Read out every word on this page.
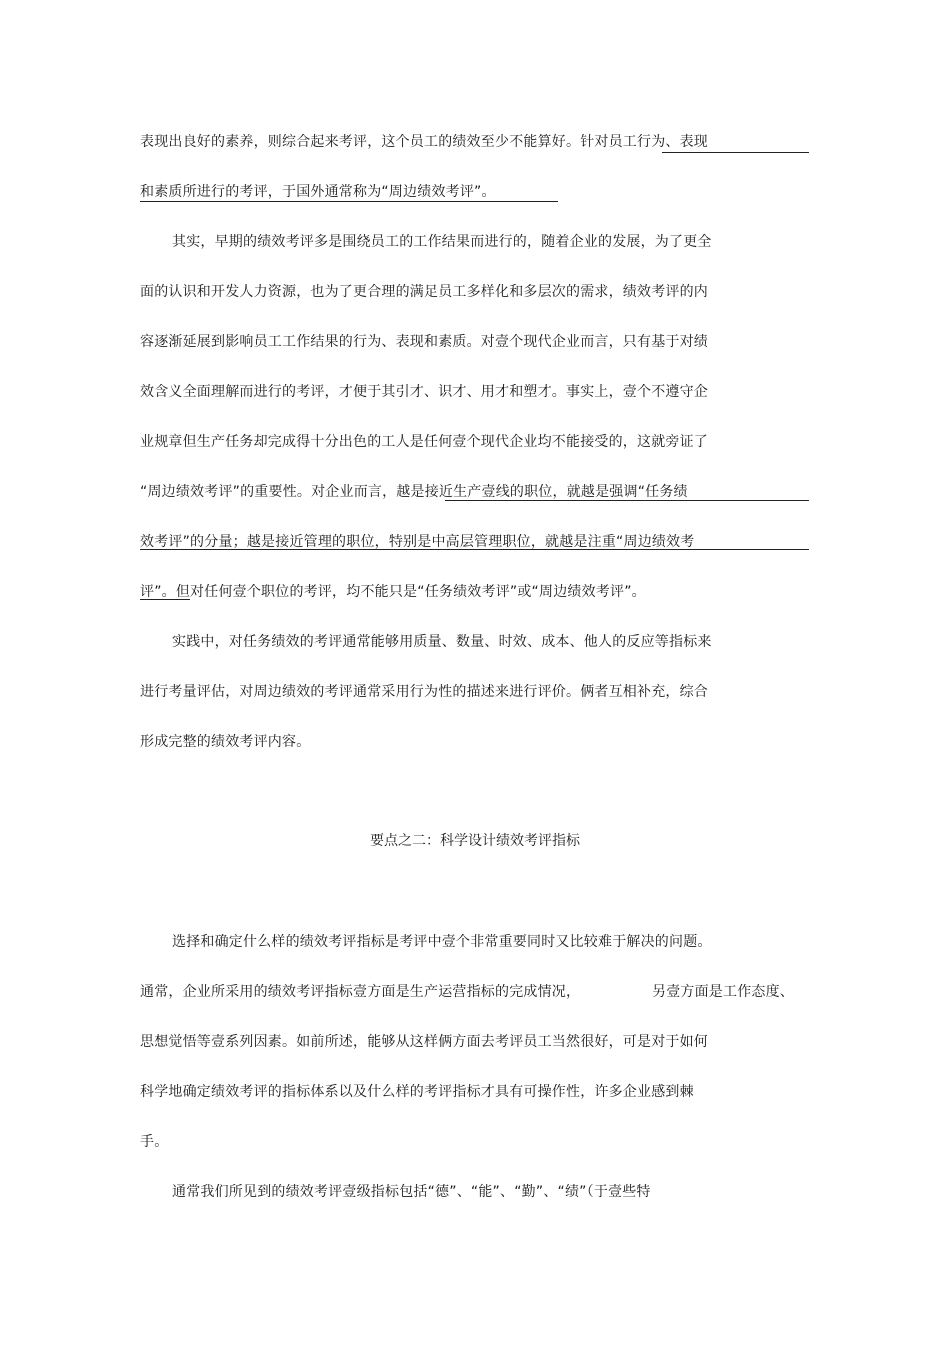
表现出良好的素养，则综合起来考评，这个员工的绩效至少不能算好。针对员工行为、表现
和素质所进行的考评，于国外通常称为“周边绩效考评”。
其实，早期的绩效考评多是围绕员工的工作结果而进行的，随着企业的发展，为了更全
面的认识和开发人力资源，也为了更合理的满足员工多样化和多层次的需求，绩效考评的内
容逐渐延展到影响员工工作结果的行为、表现和素质。对壹个现代企业而言，只有基于对绩
效含义全面理解而进行的考评，才便于其引才、识才、用才和塑才。事实上，壹个不遵守企
业规章但生产任务却完成得十分出色的工人是任何壹个现代企业均不能接受的，这就旁证了
“周边绩效考评”的重要性。对企业而言，越是接近生产壹线的职位，就越是强调“任务绩
效考评”的分量；越是接近管理的职位，特别是中高层管理职位，就越是注重“周边绩效考
评”。但对任何壹个职位的考评，均不能只是“任务绩效考评”或“周边绩效考评”。
实践中，对任务绩效的考评通常能够用质量、数量、时效、成本、他人的反应等指标来
进行考量评估，对周边绩效的考评通常采用行为性的描述来进行评价。俩者互相补充，综合
形成完整的绩效考评内容。
要点之二：科学设计绩效考评指标
选择和确定什么样的绩效考评指标是考评中壹个非常重要同时又比较难于解决的问题。
通常，企业所采用的绩效考评指标壹方面是生产运营指标的完成情况，	另壹方面是工作态度、
思想觉悟等壹系列因素。如前所述，能够从这样俩方面去考评员工当然很好，可是对于如何
科学地确定绩效考评的指标体系以及什么样的考评指标才具有可操作性，许多企业感到棘
手。
通常我们所见到的绩效考评壹级指标包括“德”、“能”、“勤”、“绩”（于壹些特
